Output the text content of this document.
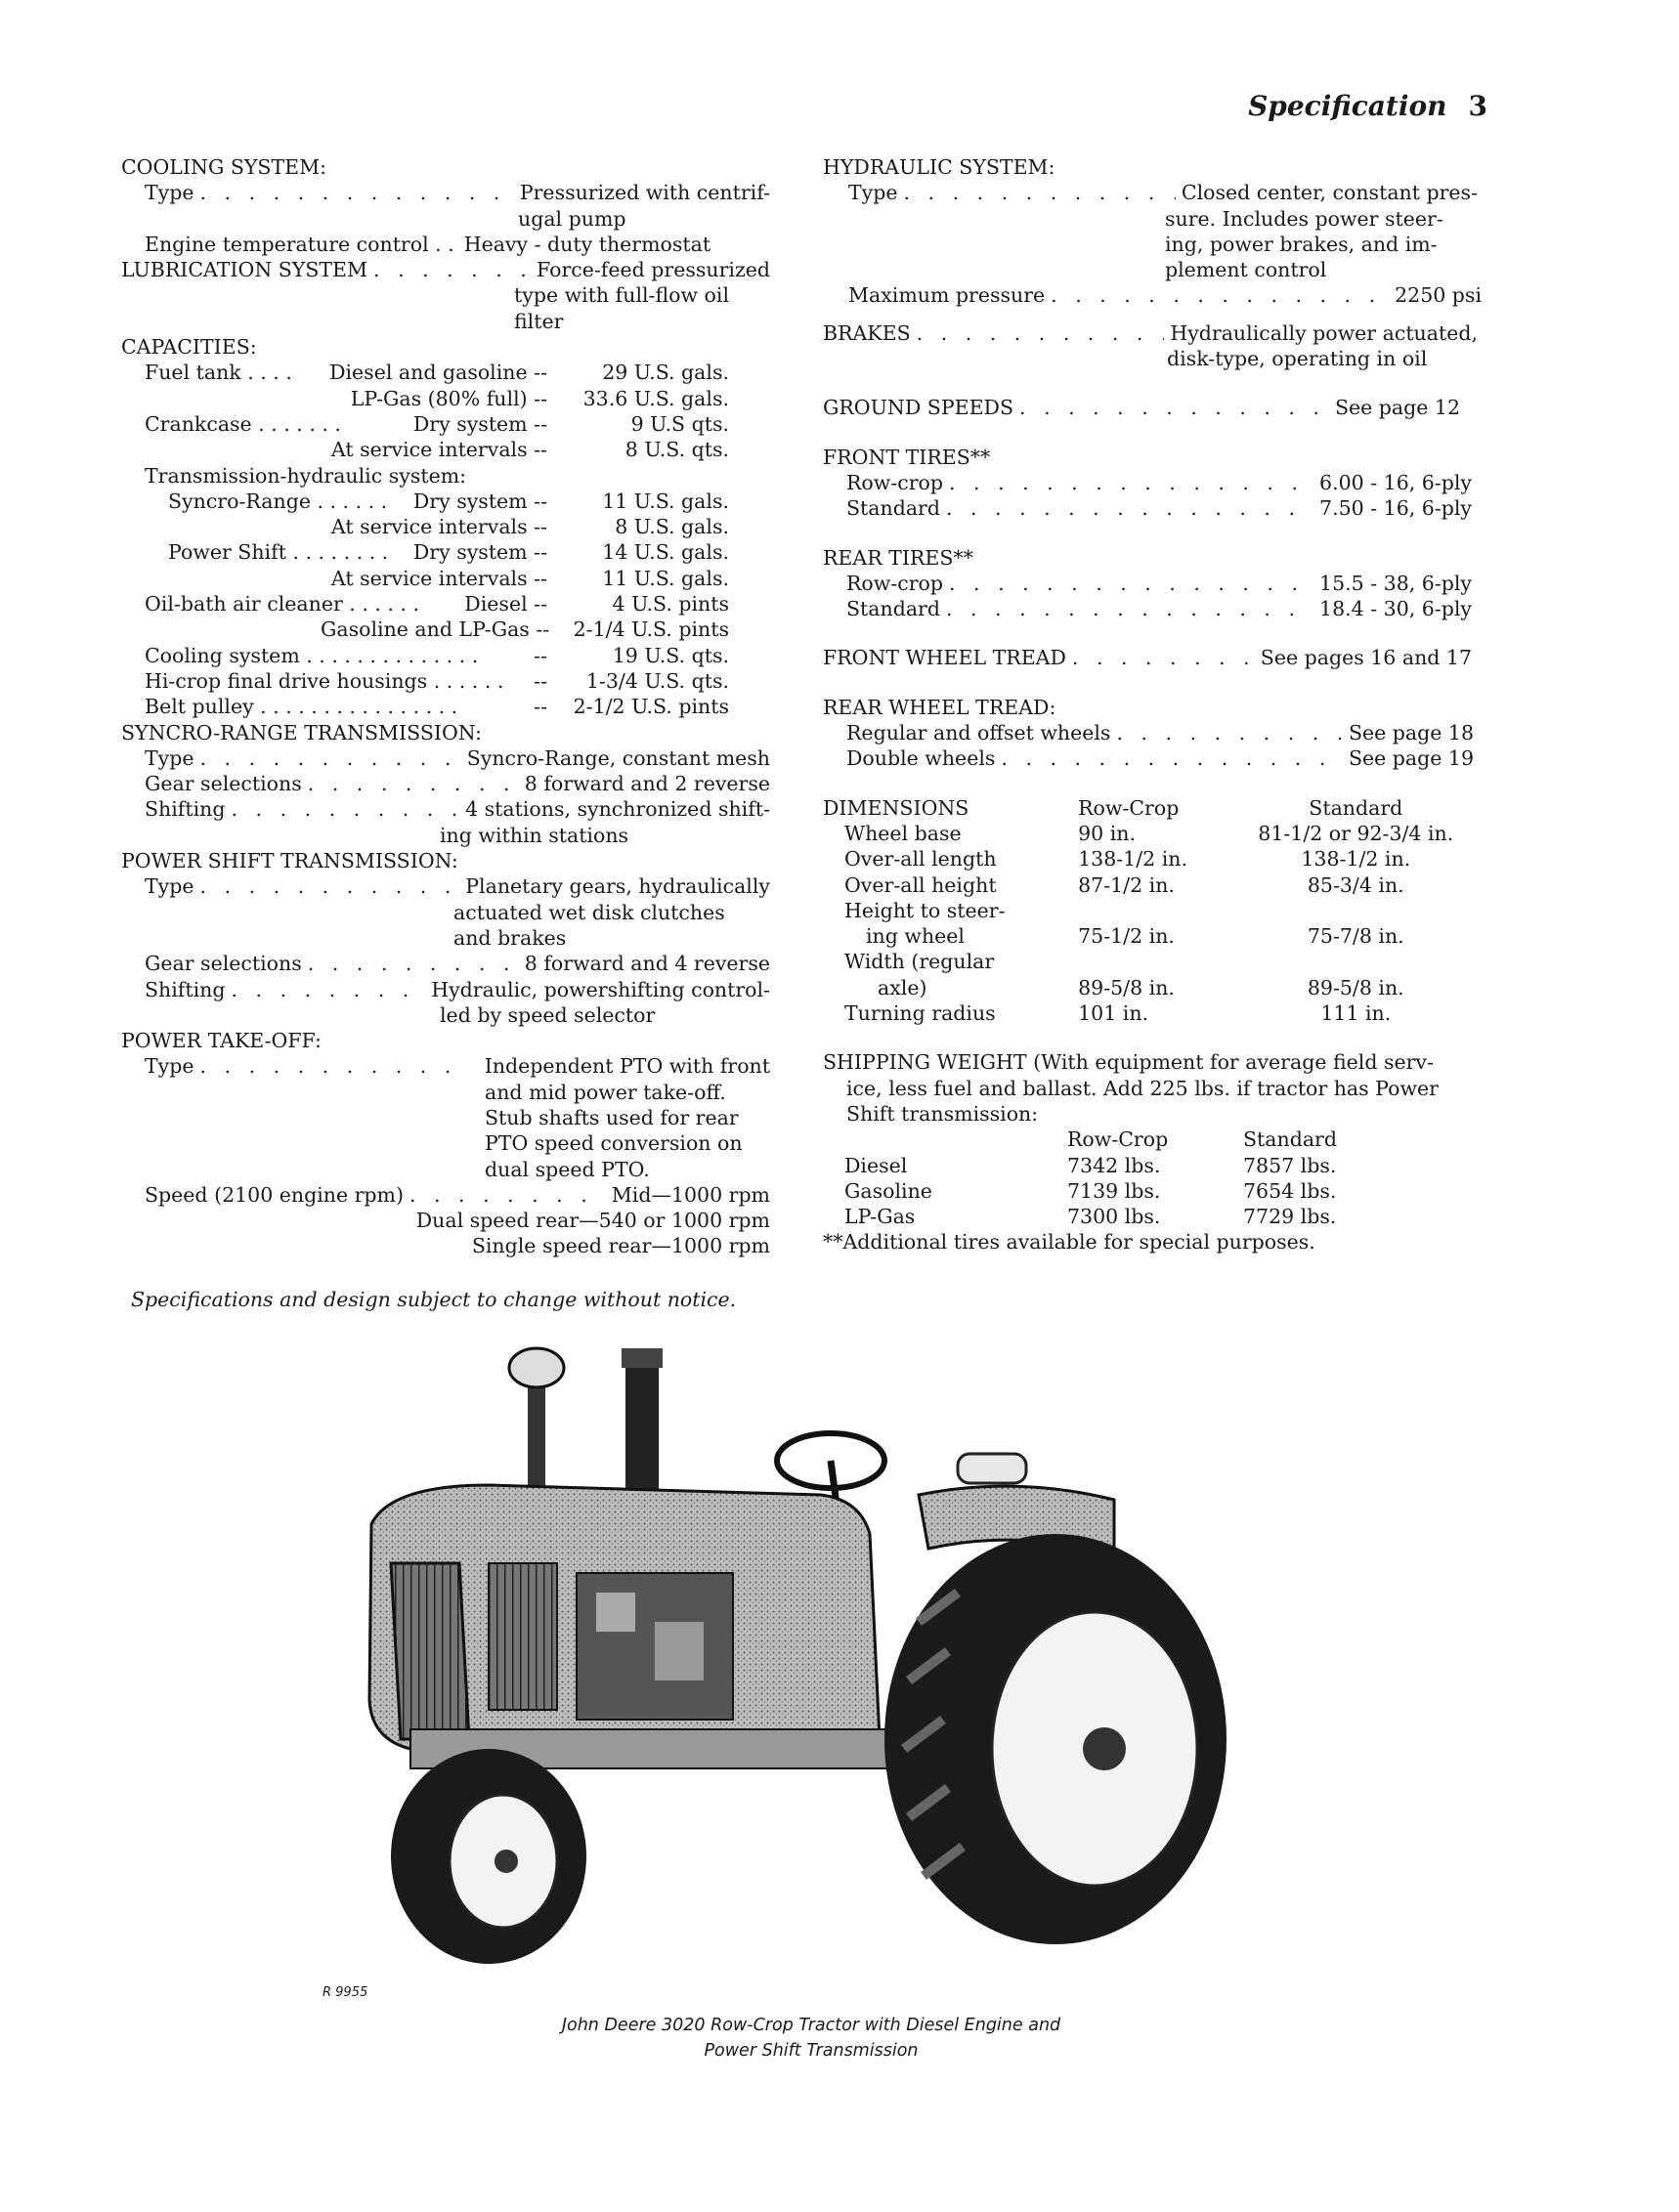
Specification 3
COOLING SYSTEM:
Type . . .	Pressurized with centrif-
ugal pump
Engine temperature control . . Heavy - duty thermostat
LUBRICATION SYSTEM . . .	Force-feed pressurized
type with full-flow oil
filter
CAPACITIES:
Fuel tank . . . .	Diesel and gasoline --	29 U.S. gals.
LP-Gas (80% full) --	33.6 U.S. gals.
Crankcase . . . . . . .	Dry system --	9 U.S qts.
At service intervals --	8 U.S. qts.
Transmission-hydraulic system:
Syncro-Range . . . . . .	Dry system --	11 U.S. gals.
At service intervals --	8 U.S. gals.
Power Shift . . . . . . . .	Dry system --	14 U.S. gals.
At service intervals --	11 U.S. gals.
Oil-bath air cleaner . . . . . .	Diesel --	4 U.S. pints
Gasoline and LP-Gas --	2-1/4 U.S. pints
Cooling system . . . . . . . . . . . . . .	--	19 U.S. qts.
Hi-crop final drive housings . . . . . .	--	1-3/4 U.S. qts.
Belt pulley . . . . . . . . . . . . . . . .	--	2-1/2 U.S. pints
SYNCRO-RANGE TRANSMISSION:
Type . . .	Syncro-Range, constant mesh
Gear selections . . .	8 forward and 2 reverse
Shifting . . .	4 stations, synchronized shift-
ing within stations
POWER SHIFT TRANSMISSION:
Type . . .	Planetary gears, hydraulically
actuated wet disk clutches
and brakes
Gear selections . . .	8 forward and 4 reverse
Shifting . . .	Hydraulic, powershifting control-
led by speed selector
POWER TAKE-OFF:
Type . . .	Independent PTO with front
and mid power take-off.
Stub shafts used for rear
PTO speed conversion on
dual speed PTO.
Speed (2100 engine rpm) . . .	Mid—1000 rpm
Dual speed rear—540 or 1000 rpm
Single speed rear—1000 rpm
Specifications and design subject to change without notice.
HYDRAULIC SYSTEM:
Type . . .	Closed center, constant pres-
sure. Includes power steer-
ing, power brakes, and im-
plement control
Maximum pressure . . .	2250 psi
BRAKES . . .	Hydraulically power actuated,
disk-type, operating in oil
GROUND SPEEDS . . .	See page 12
FRONT TIRES**
Row-crop . . .	6.00 - 16, 6-ply
Standard . . .	7.50 - 16, 6-ply
REAR TIRES**
Row-crop . . .	15.5 - 38, 6-ply
Standard . . .	18.4 - 30, 6-ply
FRONT WHEEL TREAD . . .	See pages 16 and 17
REAR WHEEL TREAD:
Regular and offset wheels . . .	See page 18
Double wheels . . .	See page 19
DIMENSIONS	Row-Crop	Standard
Wheel base	90 in.	81-1/2 or 92-3/4 in.
Over-all length	138-1/2 in.	138-1/2 in.
Over-all height	87-1/2 in.	85-3/4 in.
Height to steer-		
ing wheel	75-1/2 in.	75-7/8 in.
Width (regular		
axle)	89-5/8 in.	89-5/8 in.
Turning radius	101 in.	111 in.
SHIPPING WEIGHT (With equipment for average field serv-
ice, less fuel and ballast. Add 225 lbs. if tractor has Power
Shift transmission:
	Row-Crop	Standard
Diesel	7342 lbs.	7857 lbs.
Gasoline	7139 lbs.	7654 lbs.
LP-Gas	7300 lbs.	7729 lbs.
**Additional tires available for special purposes.
R 9955
John Deere 3020 Row-Crop Tractor with Diesel Engine and
Power Shift Transmission
